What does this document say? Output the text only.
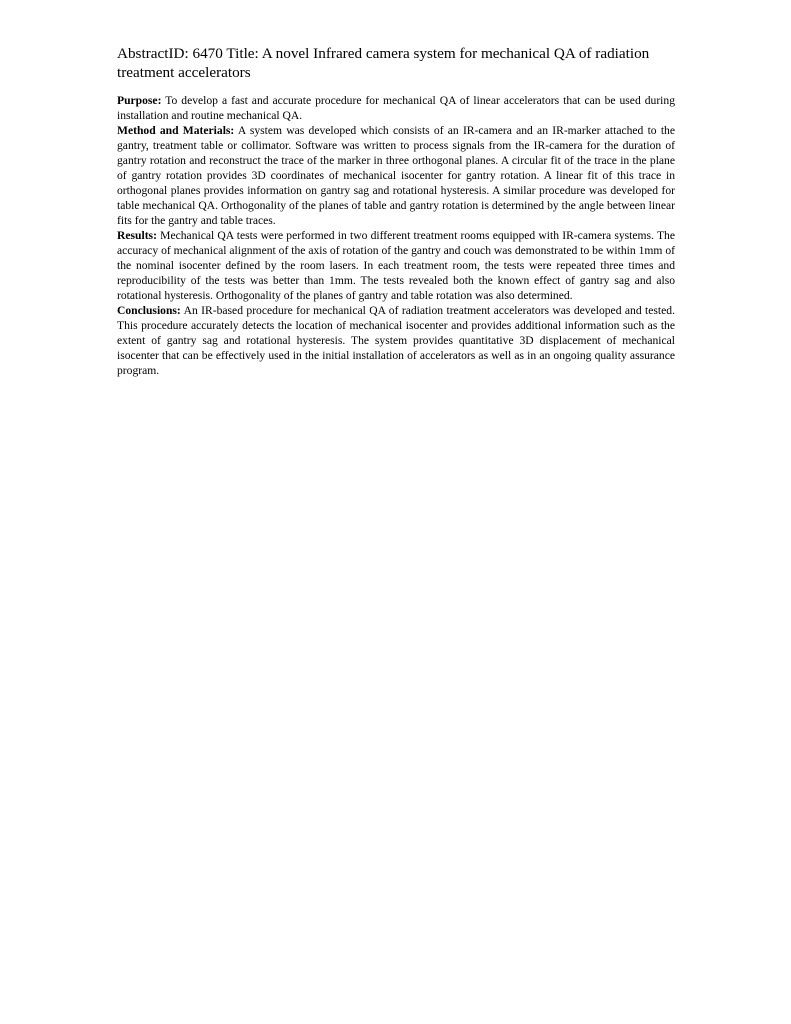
AbstractID: 6470 Title: A novel Infrared camera system for mechanical QA of radiation treatment accelerators

Purpose: To develop a fast and accurate procedure for mechanical QA of linear accelerators that can be used during installation and routine mechanical QA.

Method and Materials: A system was developed which consists of an IR-camera and an IR-marker attached to the gantry, treatment table or collimator. Software was written to process signals from the IR-camera for the duration of gantry rotation and reconstruct the trace of the marker in three orthogonal planes. A circular fit of the trace in the plane of gantry rotation provides 3D coordinates of mechanical isocenter for gantry rotation. A linear fit of this trace in orthogonal planes provides information on gantry sag and rotational hysteresis. A similar procedure was developed for table mechanical QA. Orthogonality of the planes of table and gantry rotation is determined by the angle between linear fits for the gantry and table traces.

Results: Mechanical QA tests were performed in two different treatment rooms equipped with IR-camera systems. The accuracy of mechanical alignment of the axis of rotation of the gantry and couch was demonstrated to be within 1mm of the nominal isocenter defined by the room lasers. In each treatment room, the tests were repeated three times and reproducibility of the tests was better than 1mm. The tests revealed both the known effect of gantry sag and also rotational hysteresis. Orthogonality of the planes of gantry and table rotation was also determined.

Conclusions: An IR-based procedure for mechanical QA of radiation treatment accelerators was developed and tested. This procedure accurately detects the location of mechanical isocenter and provides additional information such as the extent of gantry sag and rotational hysteresis. The system provides quantitative 3D displacement of mechanical isocenter that can be effectively used in the initial installation of accelerators as well as in an ongoing quality assurance program.
